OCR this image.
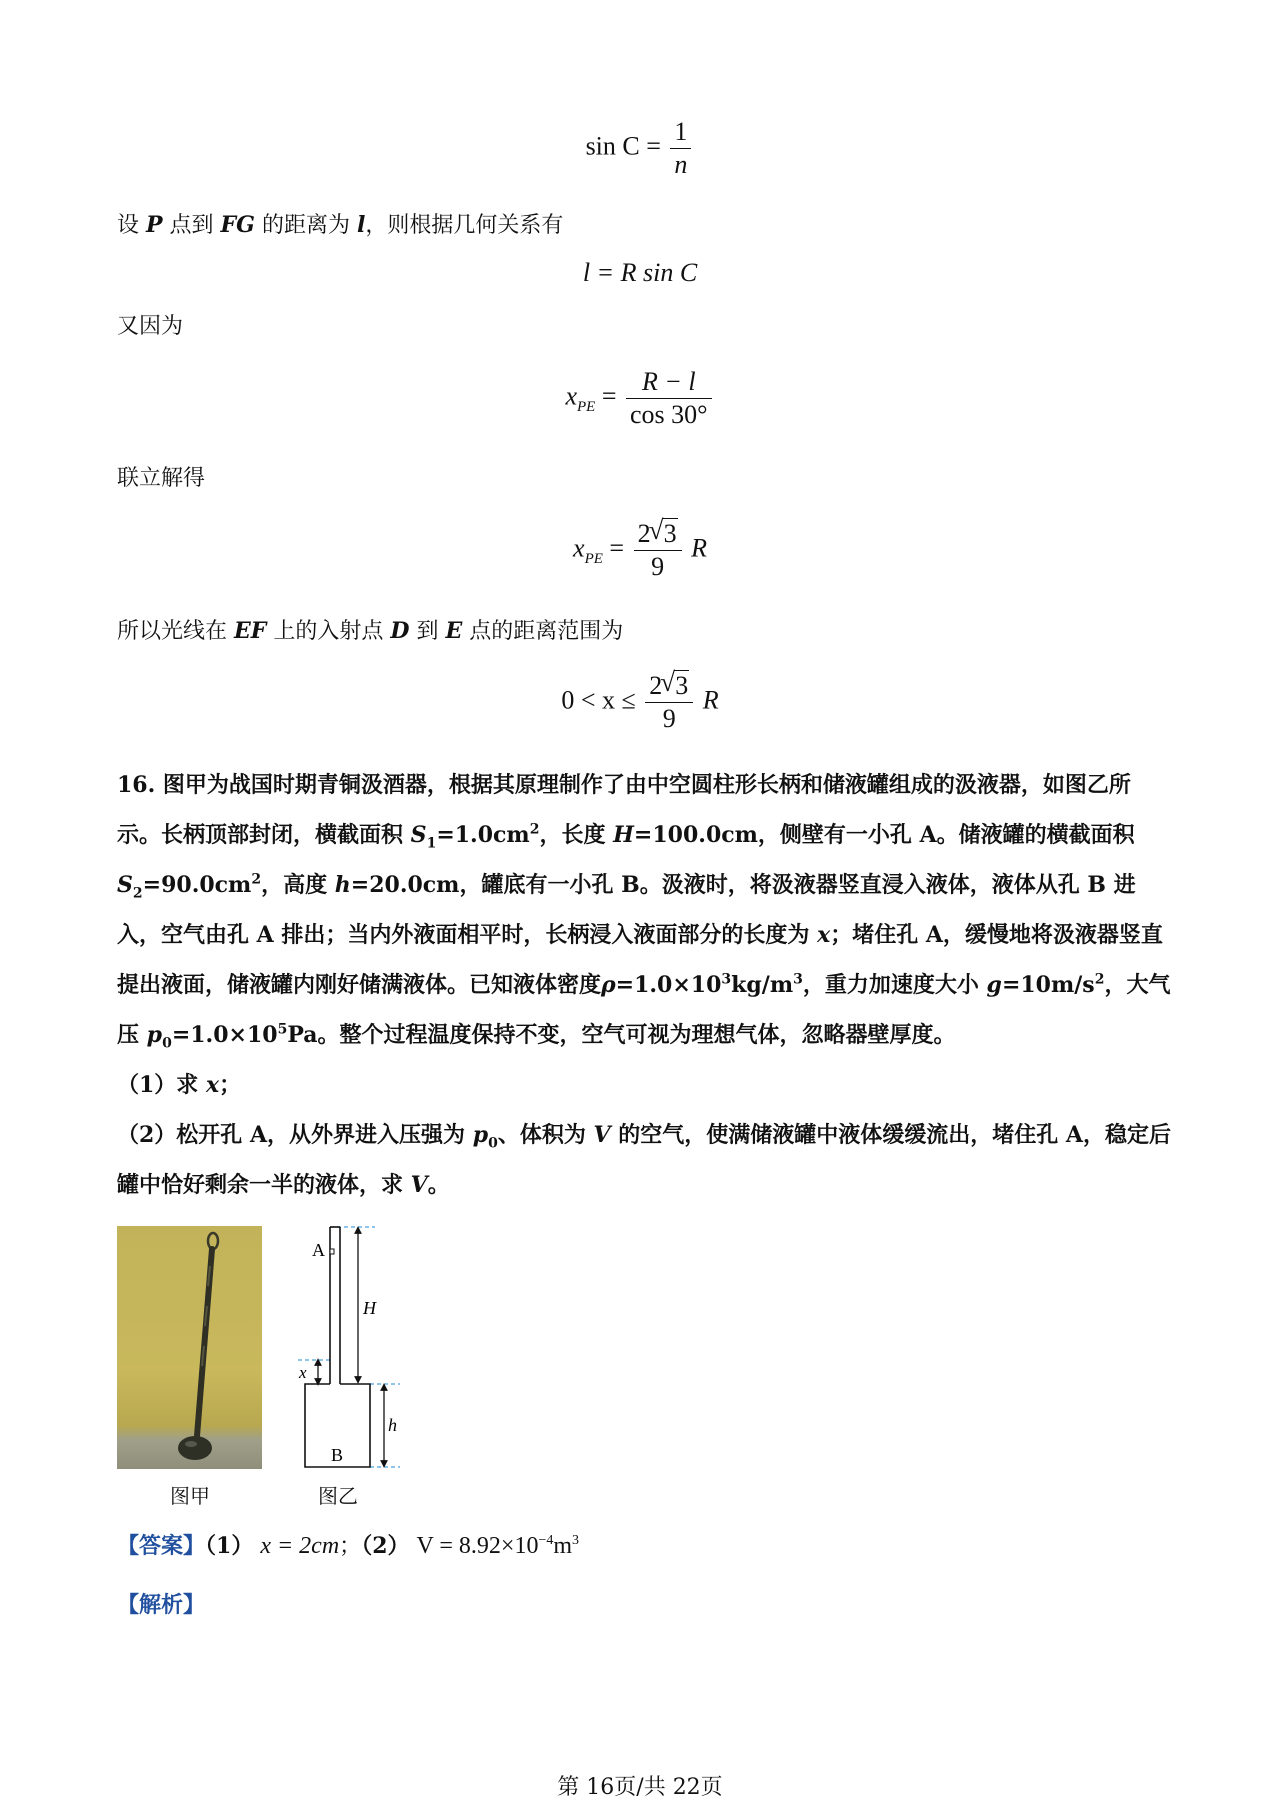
$\sin C = \frac{1}{n}$
设 P 点到 FG 的距离为 l，则根据几何关系有
l = R sin C
又因为
$x_{PE} = \frac{R - l}{\cos 30^\circ}$
联立解得
$x_{PE} = \frac{2 √ 3}{9}$ R
所以光线在 EF 上的入射点 D 到 E 点的距离范围为
$0 < x \le \frac{2 √ 3}{9}$ R
16. 图甲为战国时期青铜汲酒器，根据其原理制作了由中空圆柱形长柄和储液罐组成的汲液器，如图乙所示。长柄顶部封闭，横截面积 $S_1=1.0cm^2$，长度 H=100.0cm，侧壁有一小孔 A。储液罐的横截面积 $S_2=90.0cm^2$，高度 h=20.0cm，罐底有一小孔 B。汲液时，将汲液器竖直浸入液体，液体从孔 B 进入，空气由孔 A 排出；当内外液面相平时，长柄浸入液面部分的长度为 x；堵住孔 A，缓慢地将汲液器竖直提出液面，储液罐内刚好储满液体。已知液体密度$\rho=1.0\times 10^3kg/m^3$，重力加速度大小 $g=10m/s^2$，大气压 $p_0=1.0\times 10^5Pa$。整个过程温度保持不变，空气可视为理想气体，忽略器壁厚度。
（1）求 x；
（2）松开孔 A，从外界进入压强为 $p_0$、体积为 V 的空气，使满储液罐中液体缓缓流出，堵住孔 A，稳定后罐中恰好剩余一半的液体，求 V。
图甲
A
H
x
h
B
图乙
【答案】（1） x = 2cm；（2） $V = 8.92\times 10^{-4}m^3$
【解析】
第 16页/共 22页
